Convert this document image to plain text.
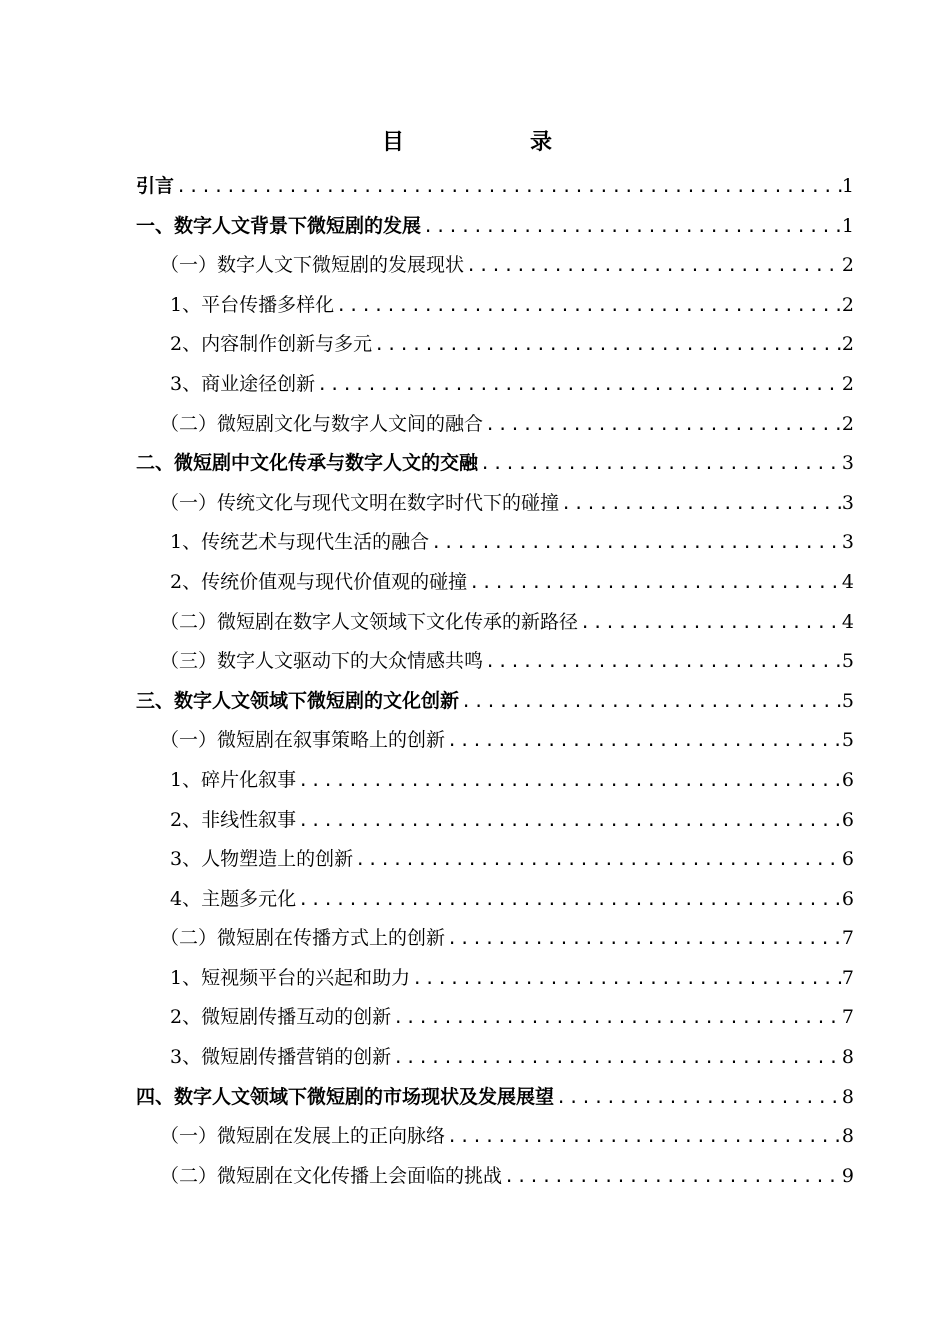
目　录
引言 .....	1
一、数字人文背景下微短剧的发展 .....	1
（一）数字人文下微短剧的发展现状 .....	2
1、平台传播多样化 .....	2
2、内容制作创新与多元 .....	2
3、商业途径创新 .....	2
（二）微短剧文化与数字人文间的融合 .....	2
二、微短剧中文化传承与数字人文的交融 .....	3
（一）传统文化与现代文明在数字时代下的碰撞 .....	3
1、传统艺术与现代生活的融合 .....	3
2、传统价值观与现代价值观的碰撞 .....	4
（二）微短剧在数字人文领域下文化传承的新路径 .....	4
（三）数字人文驱动下的大众情感共鸣 .....	5
三、数字人文领域下微短剧的文化创新 .....	5
（一）微短剧在叙事策略上的创新 .....	5
1、碎片化叙事 .....	6
2、非线性叙事 .....	6
3、人物塑造上的创新 .....	6
4、主题多元化 .....	6
（二）微短剧在传播方式上的创新 .....	7
1、短视频平台的兴起和助力 .....	7
2、微短剧传播互动的创新 .....	7
3、微短剧传播营销的创新 .....	8
四、数字人文领域下微短剧的市场现状及发展展望 .....	8
（一）微短剧在发展上的正向脉络 .....	8
（二）微短剧在文化传播上会面临的挑战 .....	9
